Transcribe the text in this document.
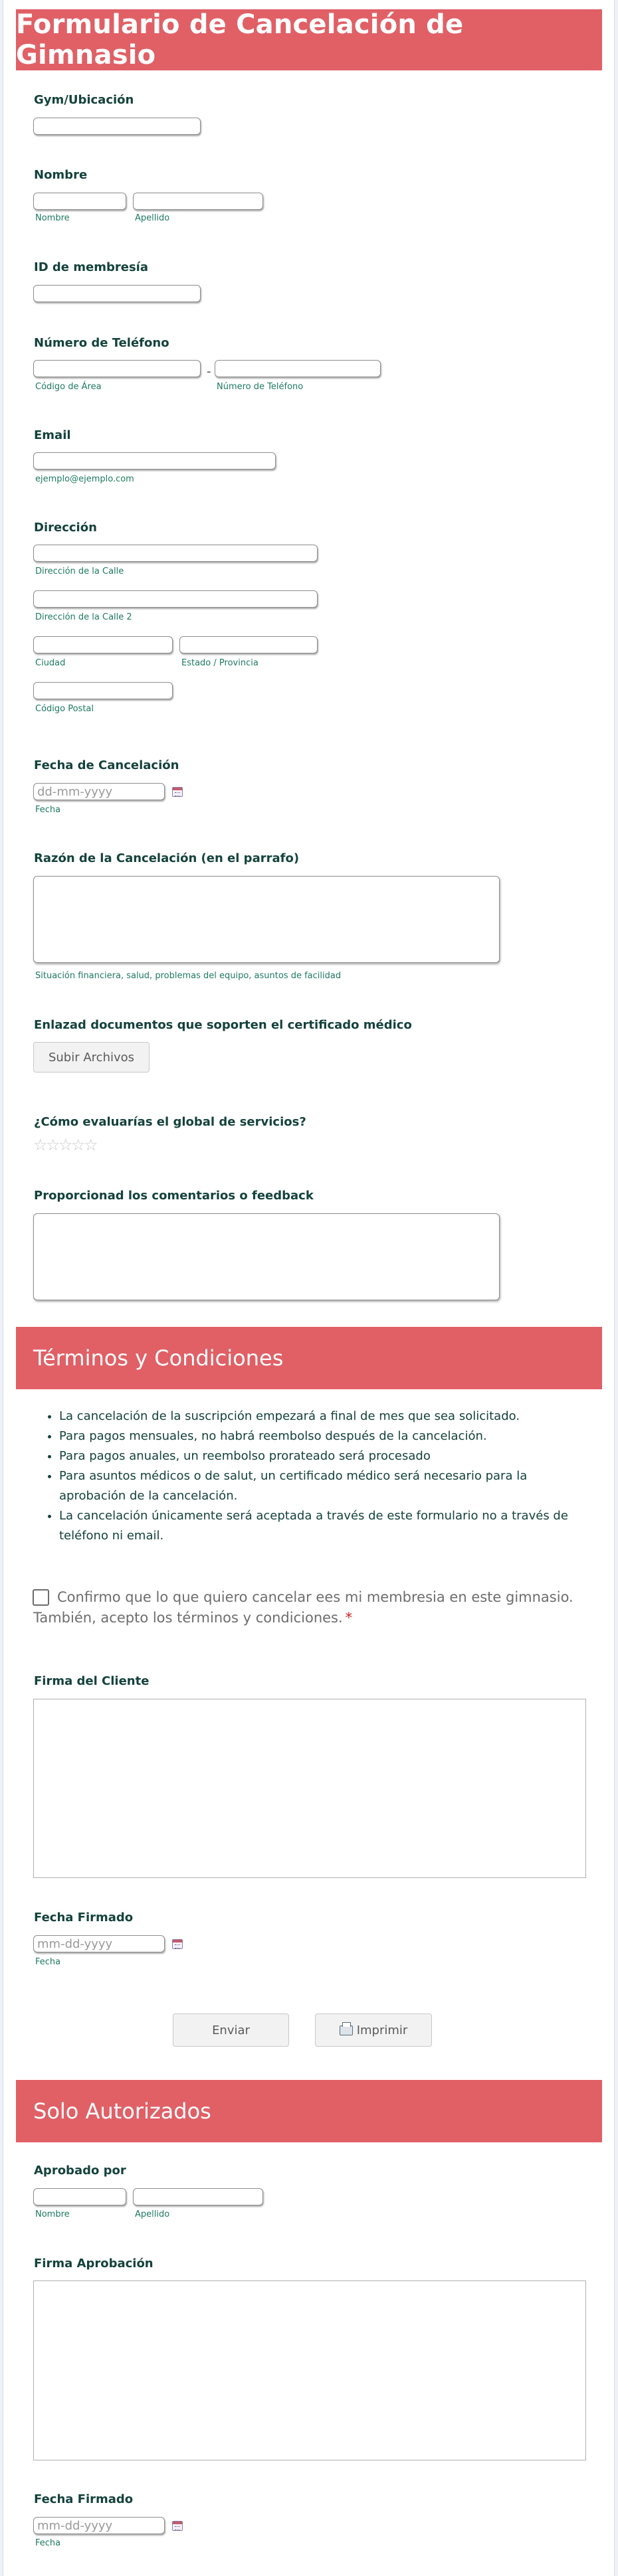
Formulario de Cancelación de Gimnasio
Gym/Ubicación
Nombre
Nombre	Apellido
ID de membresía
Número de Teléfono
-
Código de Área	Número de Teléfono
Email
ejemplo@ejemplo.com
Dirección
Dirección de la Calle
Dirección de la Calle 2
Ciudad	Estado / Provincia
Código Postal
Fecha de Cancelación
dd-mm-yyyy
Fecha
Razón de la Cancelación (en el parrafo)
Situación financiera, salud, problemas del equipo, asuntos de facilidad
Enlazad documentos que soporten el certificado médico
Subir Archivos
¿Cómo evaluarías el global de servicios?
☆
☆
☆
☆
☆
Proporcionad los comentarios o feedback
Términos y Condiciones
• La cancelación de la suscripción empezará a final de mes que sea solicitado.
• Para pagos mensuales, no habrá reembolso después de la cancelación.
• Para pagos anuales, un reembolso prorateado será procesado
• Para asuntos médicos o de salut, un certificado médico será necesario para la aprobación de la cancelación.
• La cancelación únicamente será aceptada a través de este formulario no a través de teléfono ni email.
Confirmo que lo que quiero cancelar ees mi membresia en este gimnasio. También, acepto los términos y condiciones. *
Firma del Cliente
Fecha Firmado
mm-dd-yyyy
Fecha
Enviar	Imprimir
Solo Autorizados
Aprobado por
Nombre	Apellido
Firma Aprobación
Fecha Firmado
mm-dd-yyyy
Fecha
